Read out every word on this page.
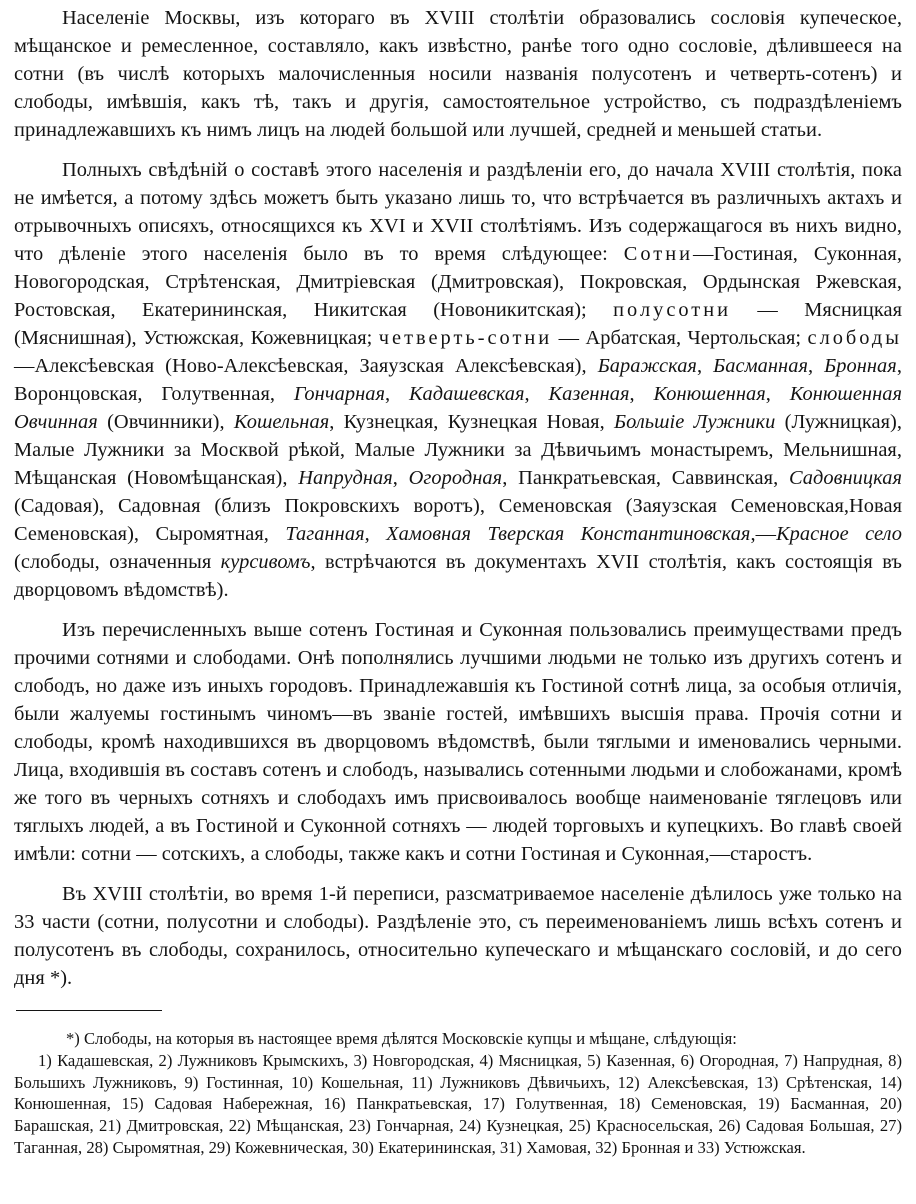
Населеніе Москвы, изъ котораго въ XVIII столѣтіи образовались сословія купеческое, мѣщанское и ремесленное, составляло, какъ извѣстно, ранѣе того одно сословіе, дѣлившееся на сотни (въ числѣ которыхъ малочисленныя носили названія полусотенъ и четверть-сотенъ) и слободы, имѣвшія, какъ тѣ, такъ и другія, самостоятельное устройство, съ подраздѣленіемъ принадлежавшихъ къ нимъ лицъ на людей большой или лучшей, средней и меньшей статьи.

Полныхъ свѣдѣній о составѣ этого населенія и раздѣленіи его, до начала XVIII столѣтія, пока не имѣется, а потому здѣсь можетъ быть указано лишь то, что встрѣчается въ различныхъ актахъ и отрывочныхъ описяхъ, относящихся къ XVI и XVII столѣтіямъ. Изъ содержащагося въ нихъ видно, что дѣленіе этого населенія было въ то время слѣдующее: Сотни—Гостиная, Суконная, Новогородская, Стрѣтенская, Дмитріевская (Дмитровская), Покровская, Ордынская Ржевская, Ростовская, Екатерининская, Никитская (Новоникитская); полусотни — Мясницкая (Мяснишная), Устюжская, Кожевницкая; четверть-сотни — Арбатская, Чертольская; слободы —Алексѣевская (Ново-Алексѣевская, Заяузская Алексѣевская), Баражская, Басманная, Бронная, Воронцовская, Голутвенная, Гончарная, Кадашевская, Казенная, Конюшенная, Конюшенная Овчинная (Овчинники), Кошельная, Кузнецкая, Кузнецкая Новая, Большіе Лужники (Лужницкая), Малые Лужники за Москвой рѣкой, Малые Лужники за Дѣвичьимъ монастыремъ, Мельнишная, Мѣщанская (Новомѣщанская), Напрудная, Огородная, Панкратьевская, Саввинская, Садовницкая (Садовая), Садовная (близъ Покровскихъ воротъ), Семеновская (Заяузская Семеновская,Новая Семеновская), Сыромятная, Таганная, Хамовная Тверская Константиновская,—Красное село (слободы, означенныя курсивомъ, встрѣчаются въ документахъ XVII столѣтія, какъ состоящія въ дворцовомъ вѣдомствѣ).

Изъ перечисленныхъ выше сотенъ Гостиная и Суконная пользовались преимуществами предъ прочими сотнями и слободами. Онѣ пополнялись лучшими людьми не только изъ другихъ сотенъ и слободъ, но даже изъ иныхъ городовъ. Принадлежавшія къ Гостиной сотнѣ лица, за особыя отличія, были жалуемы гостинымъ чиномъ—въ званіе гостей, имѣвшихъ высшія права. Прочія сотни и слободы, кромѣ находившихся въ дворцовомъ вѣдомствѣ, были тяглыми и именовались черными. Лица, входившія въ составъ сотенъ и слободъ, назывались сотенными людьми и слобожанами, кромѣ же того въ черныхъ сотняхъ и слободахъ имъ присвоивалось вообще наименованіе тяглецовъ или тяглыхъ людей, а въ Гостиной и Суконной сотняхъ — людей торговыхъ и купецкихъ. Во главѣ своей имѣли: сотни — сотскихъ, а слободы, также какъ и сотни Гостиная и Суконная,—старостъ.

Въ XVIII столѣтіи, во время 1-й переписи, разсматриваемое населеніе дѣлилось уже только на 33 части (сотни, полусотни и слободы). Раздѣленіе это, съ переименованіемъ лишь всѣхъ сотенъ и полусотенъ въ слободы, сохранилось, относительно купеческаго и мѣщанскаго сословій, и до сего дня *).

*) Слободы, на которыя въ настоящее время дѣлятся Московскіе купцы и мѣщане, слѣдующія:
1) Кадашевская, 2) Лужниковъ Крымскихъ, 3) Новгородская, 4) Мясницкая, 5) Казенная, 6) Огородная, 7) Напрудная, 8) Большихъ Лужниковъ, 9) Гостинная, 10) Кошельная, 11) Лужниковъ Дѣвичьихъ, 12) Алексѣевская, 13) Срѣтенская, 14) Конюшенная, 15) Садовая Набережная, 16) Панкратьевская, 17) Голутвенная, 18) Семеновская, 19) Басманная, 20) Барашская, 21) Дмитровская, 22) Мѣщанская, 23) Гончарная, 24) Кузнецкая, 25) Красносельская, 26) Садовая Большая, 27) Таганная, 28) Сыромятная, 29) Кожевническая, 30) Екатерининская, 31) Хамовая, 32) Бронная и 33) Устюжская.
